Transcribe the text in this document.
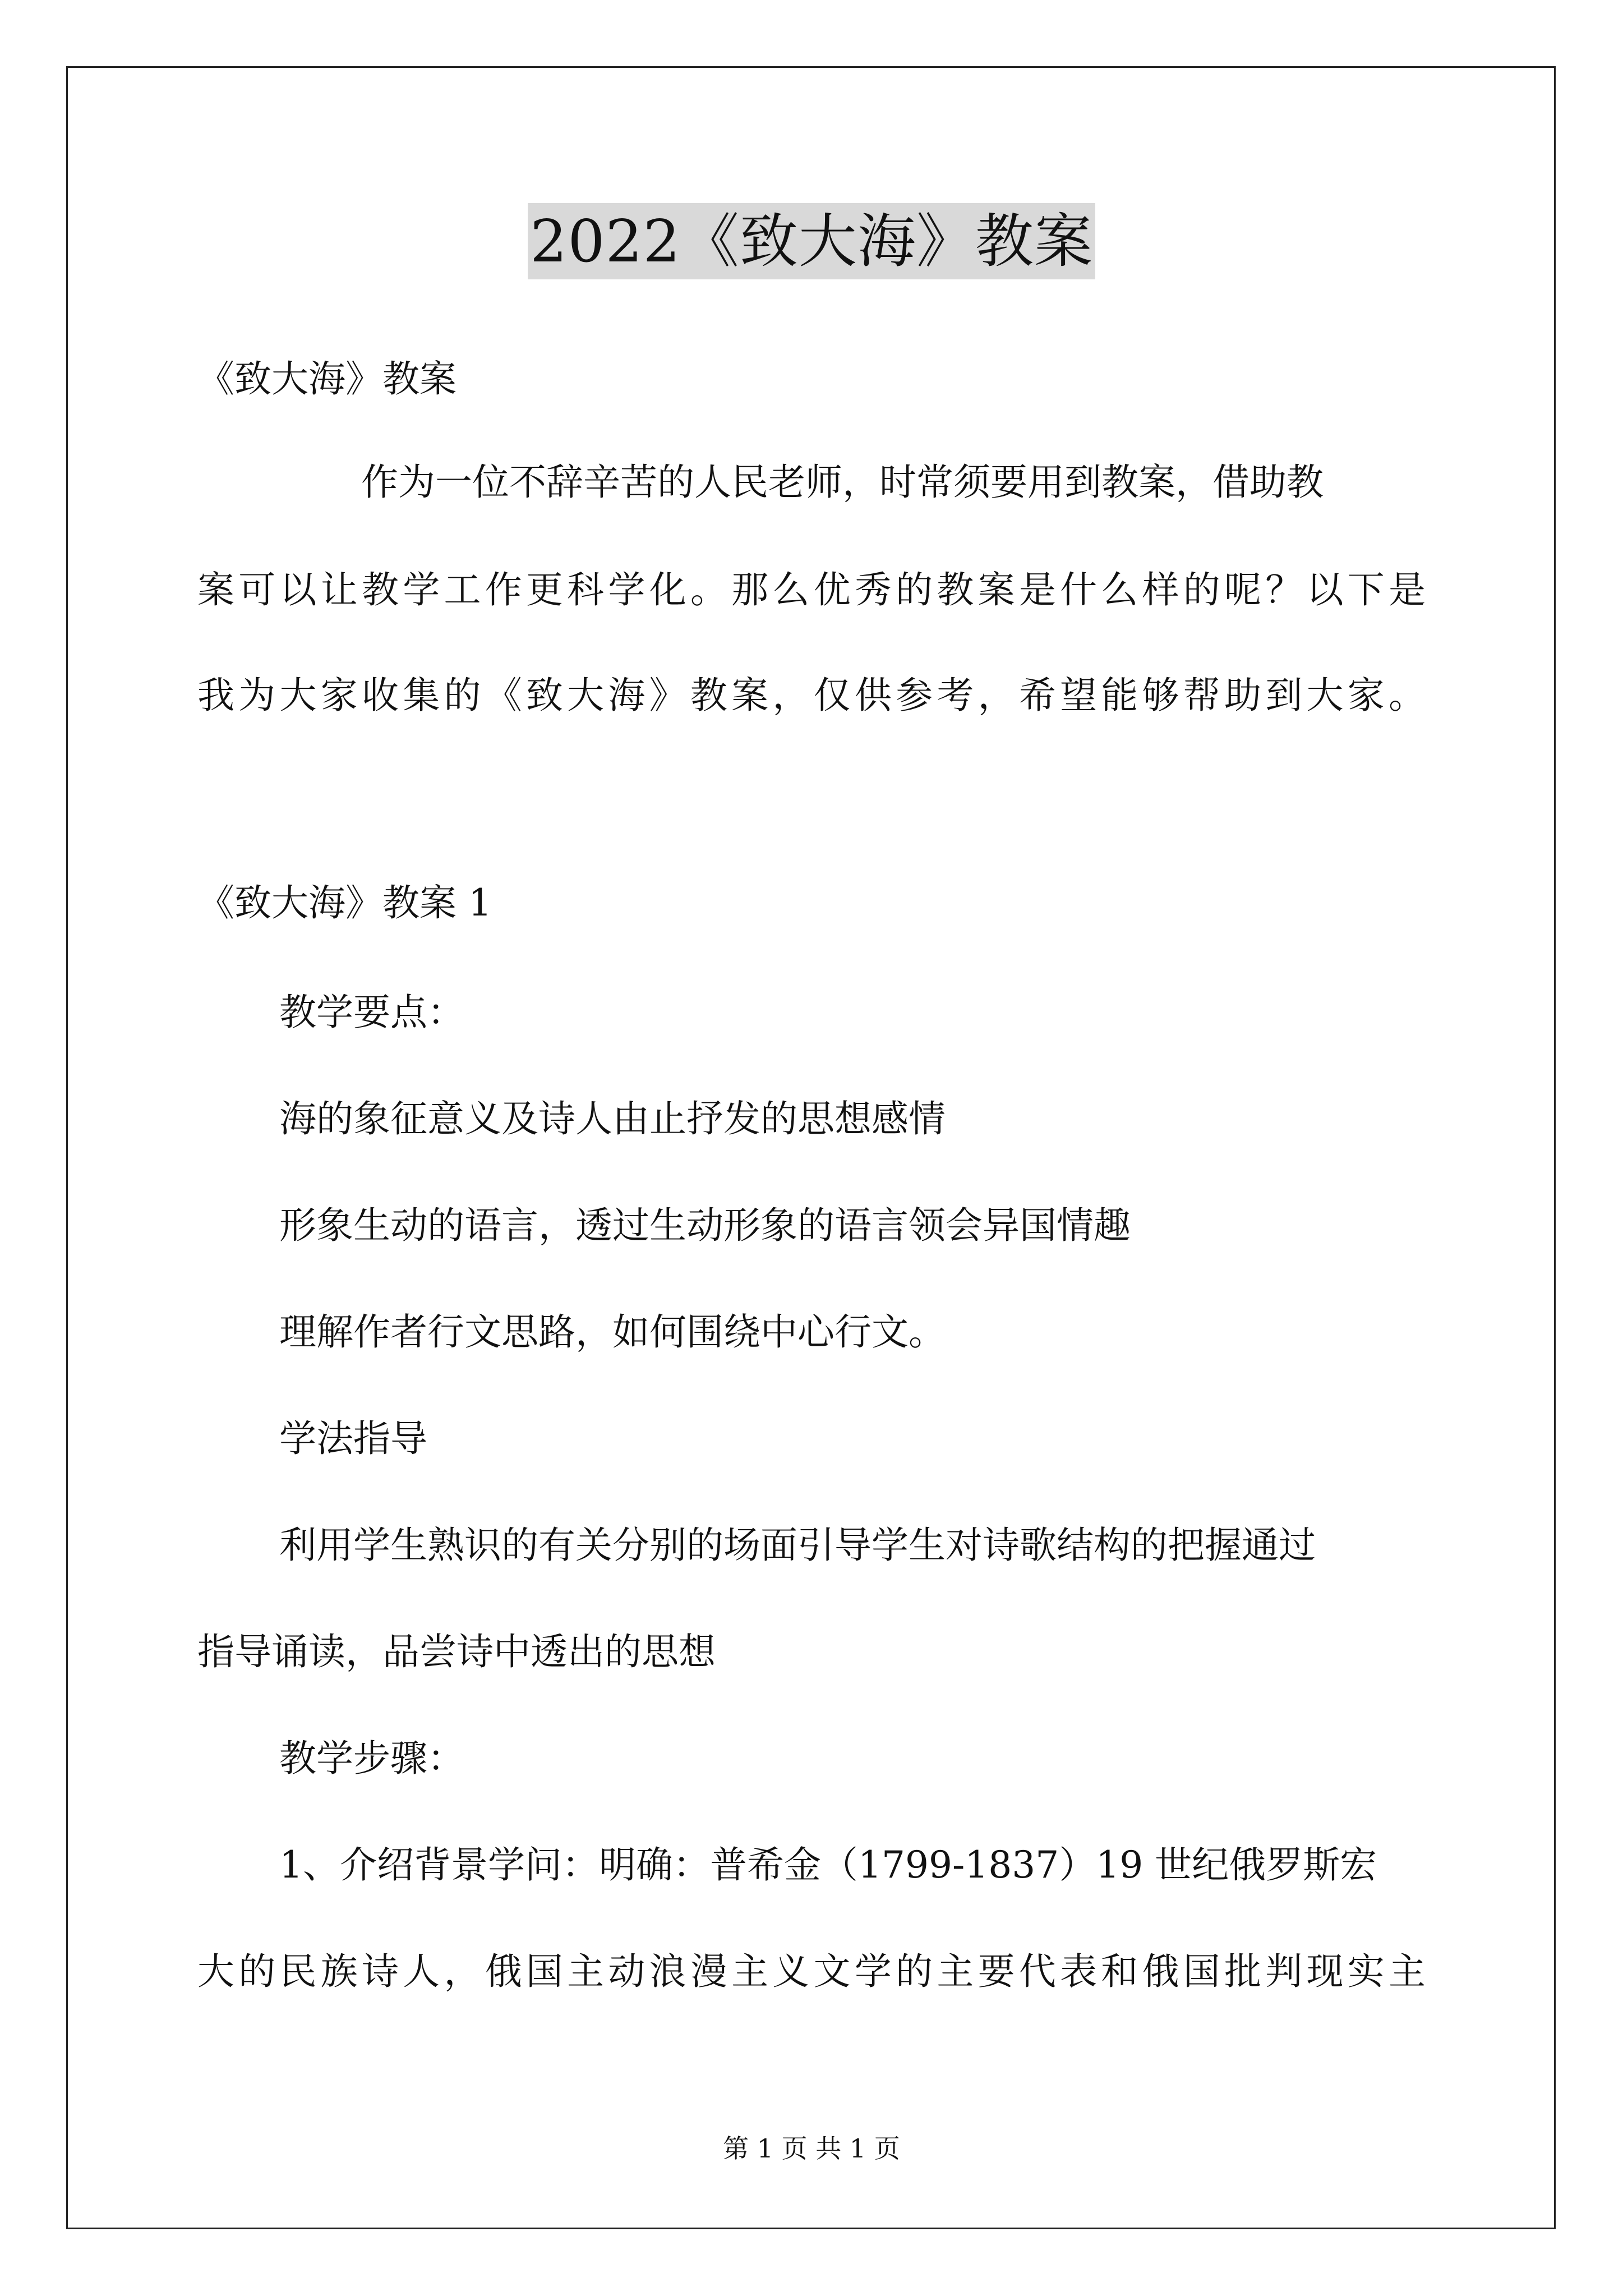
2022《致大海》教案
《致大海》教案
作为一位不辞辛苦的人民老师，时常须要用到教案，借助教
案可以让教学工作更科学化。那么优秀的教案是什么样的呢？以下是
我为大家收集的《致大海》教案，仅供参考，希望能够帮助到大家。
《致大海》教案 1
教学要点：
海的象征意义及诗人由止抒发的思想感情
形象生动的语言，透过生动形象的语言领会异国情趣
理解作者行文思路，如何围绕中心行文。
学法指导
利用学生熟识的有关分别的场面引导学生对诗歌结构的把握通过
指导诵读，品尝诗中透出的思想
教学步骤：
1、介绍背景学问：明确：普希金（1799-1837）19 世纪俄罗斯宏
大的民族诗人，俄国主动浪漫主义文学的主要代表和俄国批判现实主
第 1 页 共 1 页
